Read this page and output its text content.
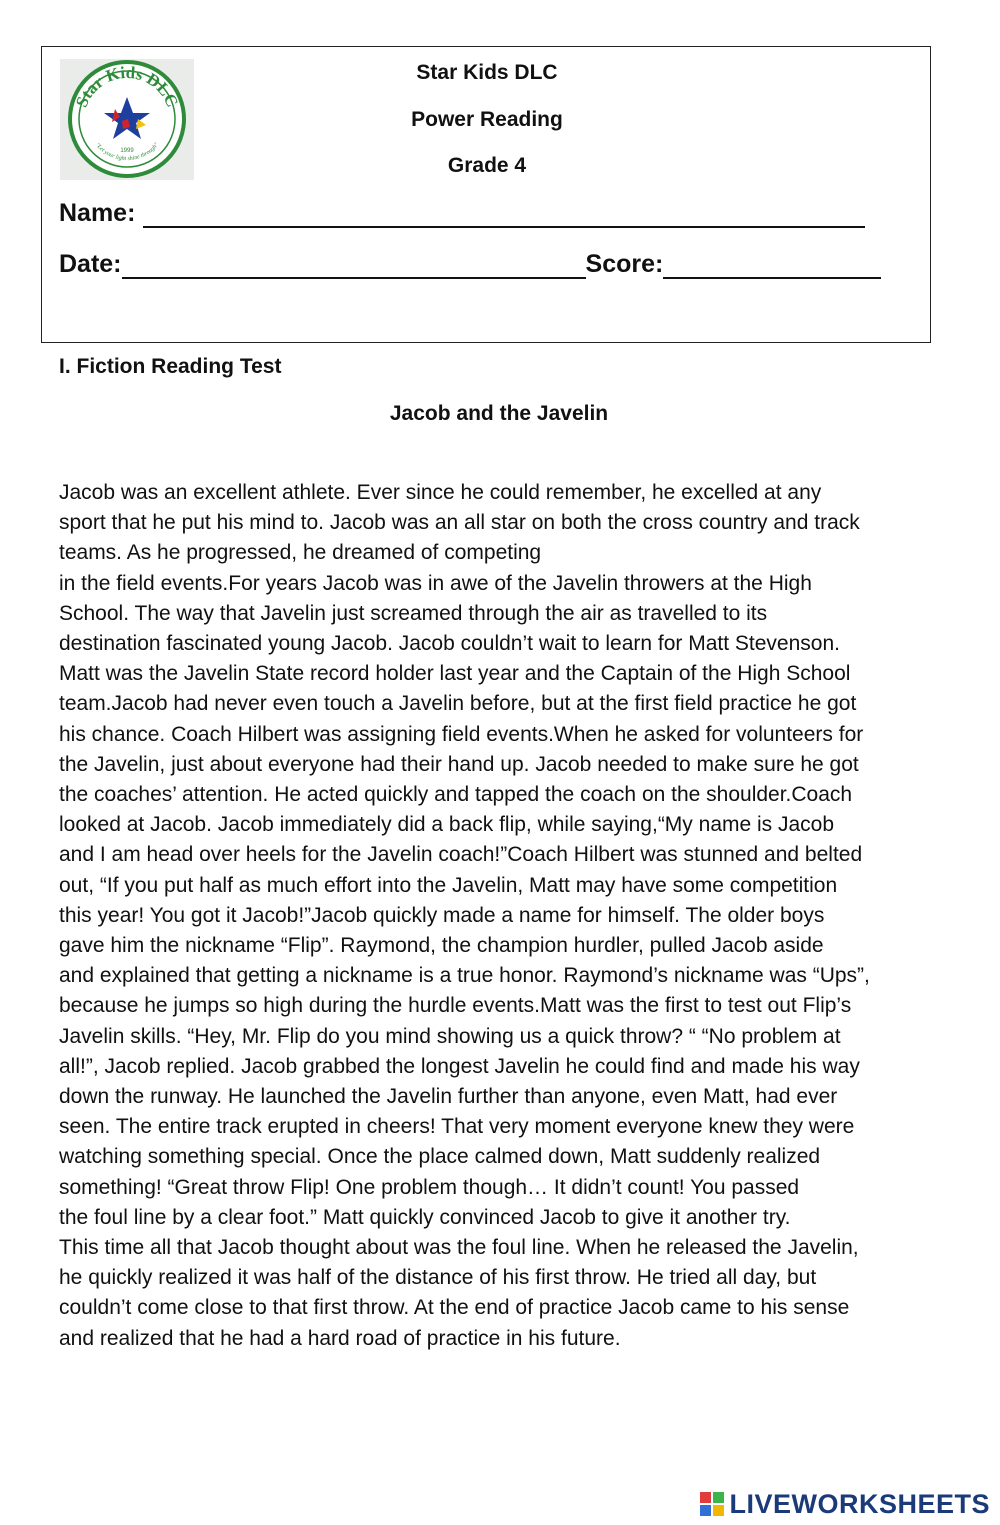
Star Kids DLC
"Let your light shine through"
1999
Star Kids DLC
Power Reading
Grade 4
Name:
Date:	Score:
I. Fiction Reading Test
Jacob and the Javelin
Jacob was an excellent athlete. Ever since he could remember, he excelled at any
sport that he put his mind to. Jacob was an all star on both the cross country and track
teams. As he progressed, he dreamed of competing
in the field events.For years Jacob was in awe of the Javelin throwers at the High
School. The way that Javelin just screamed through the air as travelled to its
destination fascinated young Jacob. Jacob couldn’t wait to learn for Matt Stevenson.
Matt was the Javelin State record holder last year and the Captain of the High School
team.Jacob had never even touch a Javelin before, but at the first field practice he got
his chance. Coach Hilbert was assigning field events.When he asked for volunteers for
the Javelin, just about everyone had their hand up. Jacob needed to make sure he got
the coaches’ attention. He acted quickly and tapped the coach on the shoulder.Coach
looked at Jacob. Jacob immediately did a back flip, while saying,“My name is Jacob
and I am head over heels for the Javelin coach!”Coach Hilbert was stunned and belted
out, “If you put half as much effort into the Javelin, Matt may have some competition
this year! You got it Jacob!”Jacob quickly made a name for himself. The older boys
gave him the nickname “Flip”. Raymond, the champion hurdler, pulled Jacob aside
and explained that getting a nickname is a true honor. Raymond’s nickname was “Ups”,
because he jumps so high during the hurdle events.Matt was the first to test out Flip’s
Javelin skills. “Hey, Mr. Flip do you mind showing us a quick throw? “ “No problem at
all!”, Jacob replied. Jacob grabbed the longest Javelin he could find and made his way
down the runway. He launched the Javelin further than anyone, even Matt, had ever
seen. The entire track erupted in cheers! That very moment everyone knew they were
watching something special. Once the place calmed down, Matt suddenly realized
something! “Great throw Flip! One problem though… It didn’t count! You passed
the foul line by a clear foot.” Matt quickly convinced Jacob to give it another try.
This time all that Jacob thought about was the foul line. When he released the Javelin,
he quickly realized it was half of the distance of his first throw. He tried all day, but
couldn’t come close to that first throw. At the end of practice Jacob came to his sense
and realized that he had a hard road of practice in his future.
LIVEWORKSHEETS
